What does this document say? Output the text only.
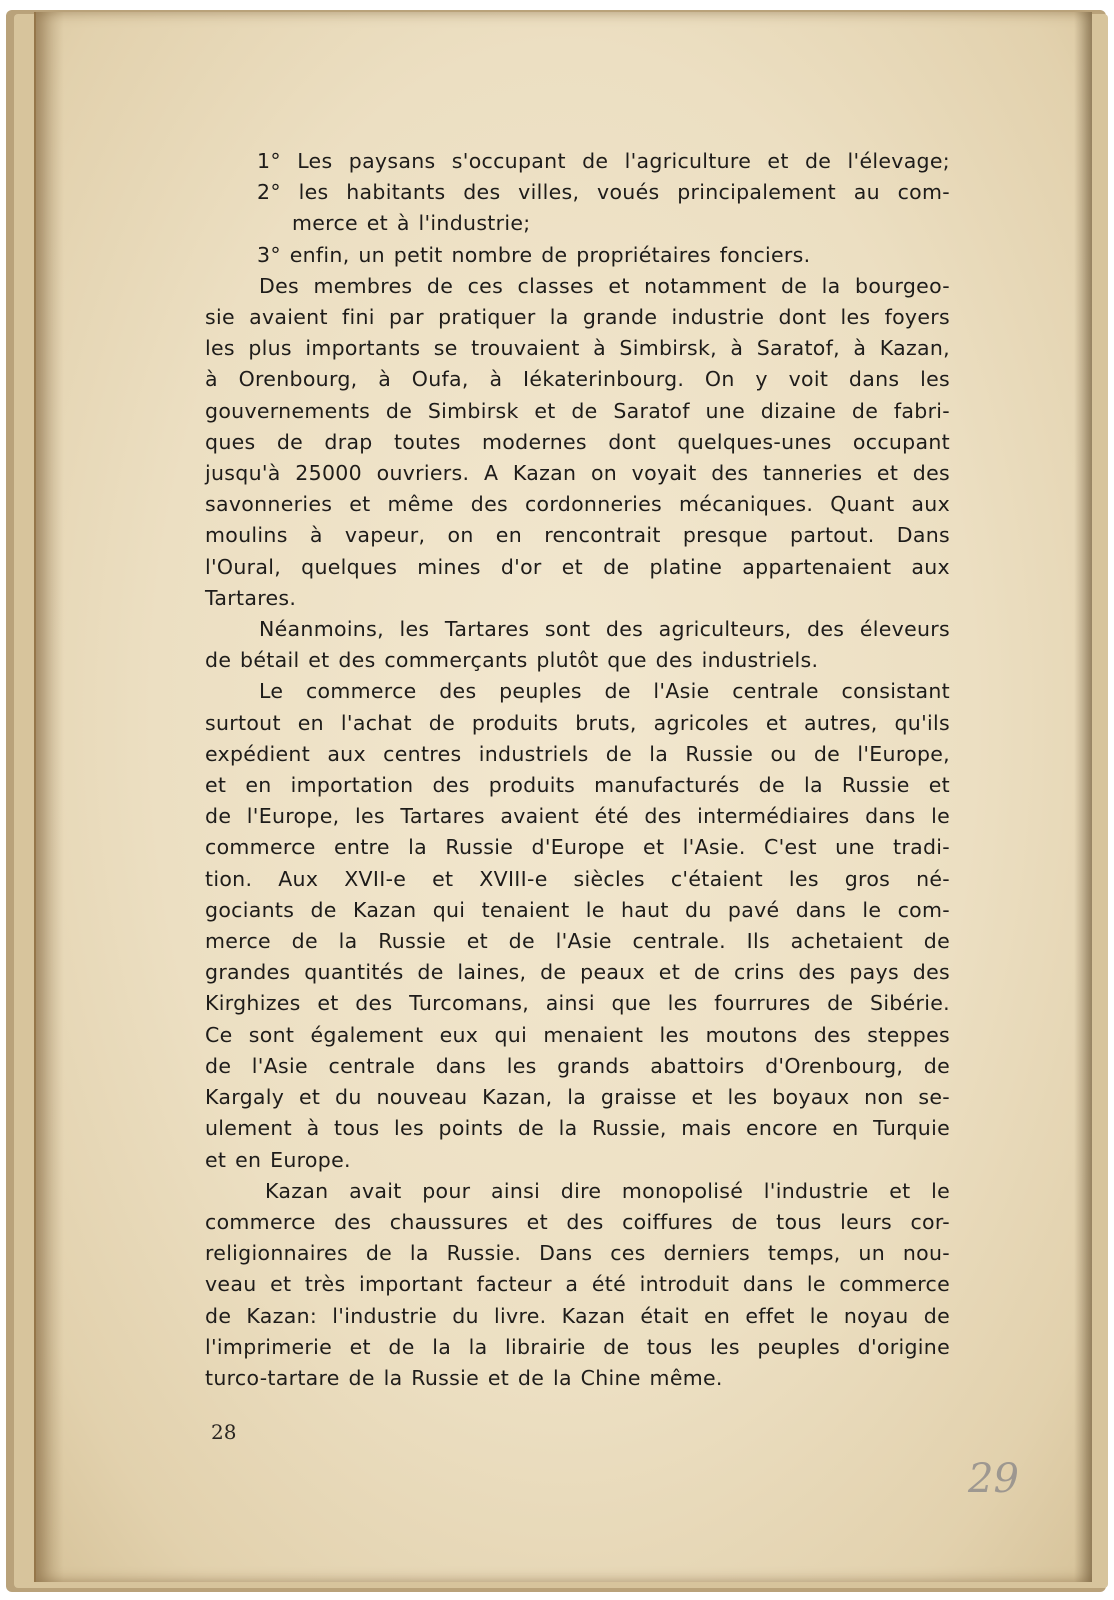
1° Les paysans s'occupant de l'agriculture et de l'élevage;
2° les habitants des villes, voués principalement au com-
merce et à l'industrie;
3° enfin, un petit nombre de propriétaires fonciers.
Des membres de ces classes et notamment de la bourgeo-
sie avaient fini par pratiquer la grande industrie dont les foyers
les plus importants se trouvaient à Simbirsk, à Saratof, à Kazan,
à Orenbourg, à Oufa, à Iékaterinbourg. On y voit dans les
gouvernements de Simbirsk et de Saratof une dizaine de fabri-
ques de drap toutes modernes dont quelques-unes occupant
jusqu'à 25000 ouvriers. A Kazan on voyait des tanneries et des
savonneries et même des cordonneries mécaniques. Quant aux
moulins à vapeur, on en rencontrait presque partout. Dans
l'Oural, quelques mines d'or et de platine appartenaient aux
Tartares.
Néanmoins, les Tartares sont des agriculteurs, des éleveurs
de bétail et des commerçants plutôt que des industriels.
Le commerce des peuples de l'Asie centrale consistant
surtout en l'achat de produits bruts, agricoles et autres, qu'ils
expédient aux centres industriels de la Russie ou de l'Europe,
et en importation des produits manufacturés de la Russie et
de l'Europe, les Tartares avaient été des intermédiaires dans le
commerce entre la Russie d'Europe et l'Asie. C'est une tradi-
tion. Aux XVII-e et XVIII-e siècles c'étaient les gros né-
gociants de Kazan qui tenaient le haut du pavé dans le com-
merce de la Russie et de l'Asie centrale. Ils achetaient de
grandes quantités de laines, de peaux et de crins des pays des
Kirghizes et des Turcomans, ainsi que les fourrures de Sibérie.
Ce sont également eux qui menaient les moutons des steppes
de l'Asie centrale dans les grands abattoirs d'Orenbourg, de
Kargaly et du nouveau Kazan, la graisse et les boyaux non se-
ulement à tous les points de la Russie, mais encore en Turquie
et en Europe.
Kazan avait pour ainsi dire monopolisé l'industrie et le
commerce des chaussures et des coiffures de tous leurs cor-
religionnaires de la Russie. Dans ces derniers temps, un nou-
veau et très important facteur a été introduit dans le commerce
de Kazan: l'industrie du livre. Kazan était en effet le noyau de
l'imprimerie et de la la librairie de tous les peuples d'origine
turco-tartare de la Russie et de la Chine même.
28
29
